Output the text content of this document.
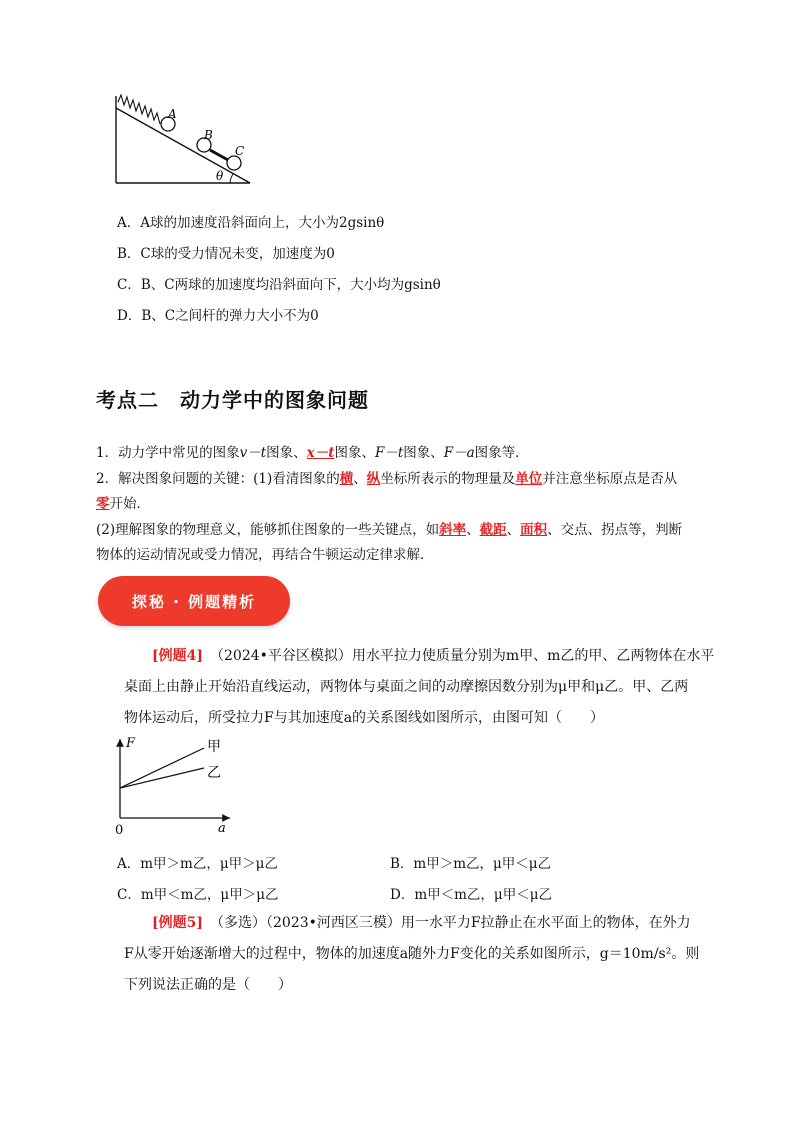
A
B
C
θ
A．A球的加速度沿斜面向上，大小为2gsinθ
B．C球的受力情况未变，加速度为0
C．B、C两球的加速度均沿斜面向下，大小均为gsinθ
D．B、C之间杆的弹力大小不为0
考点二　动力学中的图象问题
1．动力学中常见的图象v－t图象、x－t图象、F－t图象、F－a图象等．
2．解决图象问题的关键：(1)看清图象的横、纵坐标所表示的物理量及单位并注意坐标原点是否从
零开始．
(2)理解图象的物理意义，能够抓住图象的一些关键点，如斜率、截距、面积、交点、拐点等，判断
物体的运动情况或受力情况，再结合牛顿运动定律求解．
探秘 · 例题精析
[例题4]　（2024•平谷区模拟）用水平拉力使质量分别为m甲、m乙的甲、乙两物体在水平
桌面上由静止开始沿直线运动，两物体与桌面之间的动摩擦因数分别为μ甲和μ乙。甲、乙两
物体运动后，所受拉力F与其加速度a的关系图线如图所示，由图可知（　　）
F
a
0
甲
乙
A．m甲＞m乙，μ甲＞μ乙	B．m甲＞m乙，μ甲＜μ乙
C．m甲＜m乙，μ甲＞μ乙	D．m甲＜m乙，μ甲＜μ乙
[例题5]　（多选）（2023•河西区三模）用一水平力F拉静止在水平面上的物体，在外力
F从零开始逐渐增大的过程中，物体的加速度a随外力F变化的关系如图所示，g＝10m/s²。则
下列说法正确的是（　　）
